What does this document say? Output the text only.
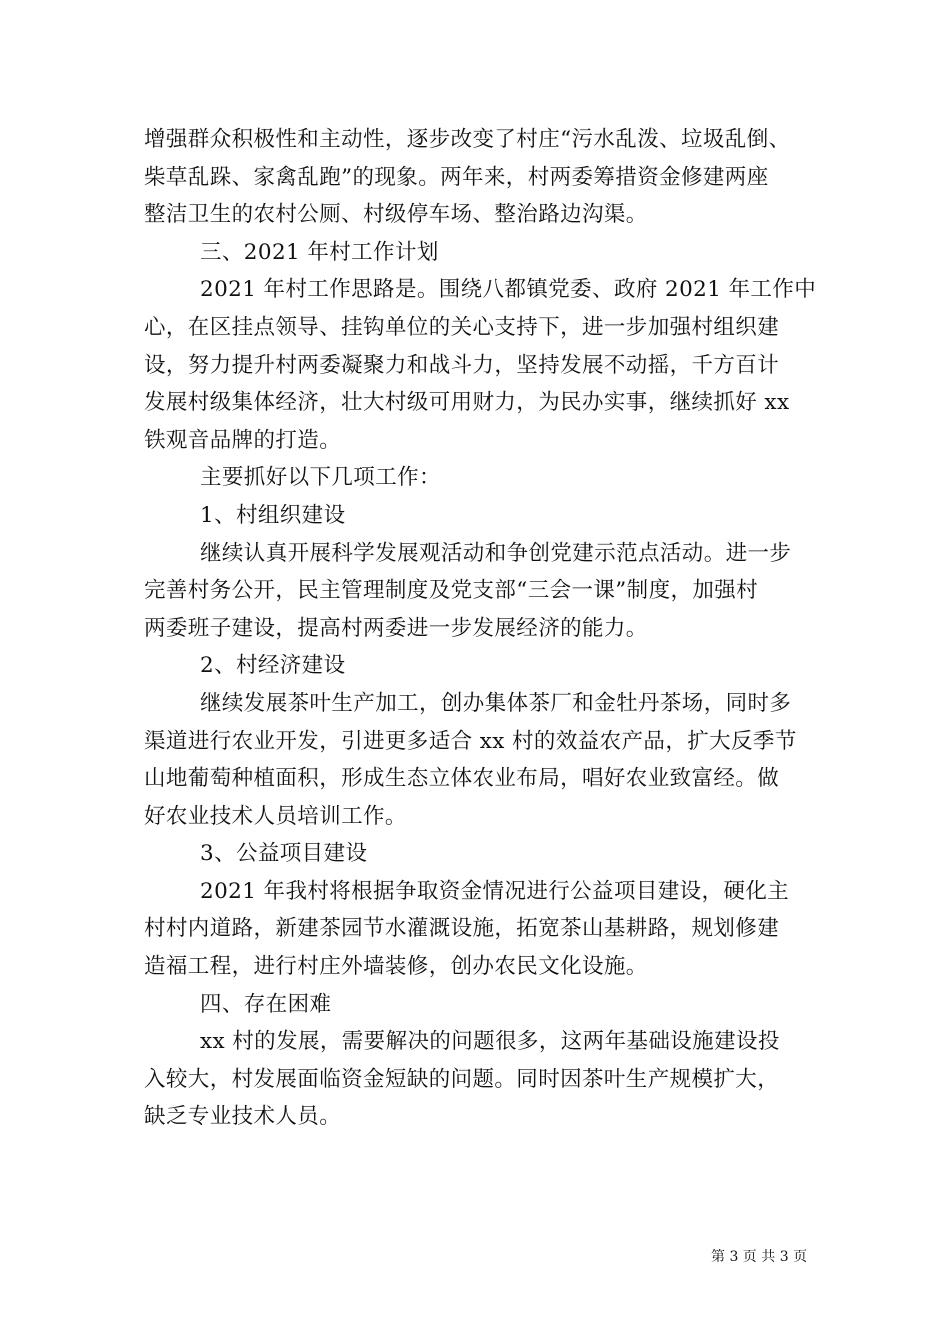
增强群众积极性和主动性，逐步改变了村庄“污水乱泼、垃圾乱倒、
柴草乱跺、家禽乱跑”的现象。两年来，村两委筹措资金修建两座
整洁卫生的农村公厕、村级停车场、整治路边沟渠。
三、2021 年村工作计划
2021 年村工作思路是。围绕八都镇党委、政府 2021 年工作中
心，在区挂点领导、挂钩单位的关心支持下，进一步加强村组织建
设，努力提升村两委凝聚力和战斗力，坚持发展不动摇，千方百计
发展村级集体经济，壮大村级可用财力，为民办实事，继续抓好 xx
铁观音品牌的打造。
主要抓好以下几项工作：
1、村组织建设
继续认真开展科学发展观活动和争创党建示范点活动。进一步
完善村务公开，民主管理制度及党支部“三会一课”制度，加强村
两委班子建设，提高村两委进一步发展经济的能力。
2、村经济建设
继续发展茶叶生产加工，创办集体茶厂和金牡丹茶场，同时多
渠道进行农业开发，引进更多适合 xx 村的效益农产品，扩大反季节
山地葡萄种植面积，形成生态立体农业布局，唱好农业致富经。做
好农业技术人员培训工作。
3、公益项目建设
2021 年我村将根据争取资金情况进行公益项目建设，硬化主
村村内道路，新建茶园节水灌溉设施，拓宽茶山基耕路，规划修建
造福工程，进行村庄外墙装修，创办农民文化设施。
四、存在困难
xx 村的发展，需要解决的问题很多，这两年基础设施建设投
入较大，村发展面临资金短缺的问题。同时因茶叶生产规模扩大，
缺乏专业技术人员。
第 3 页 共 3 页
